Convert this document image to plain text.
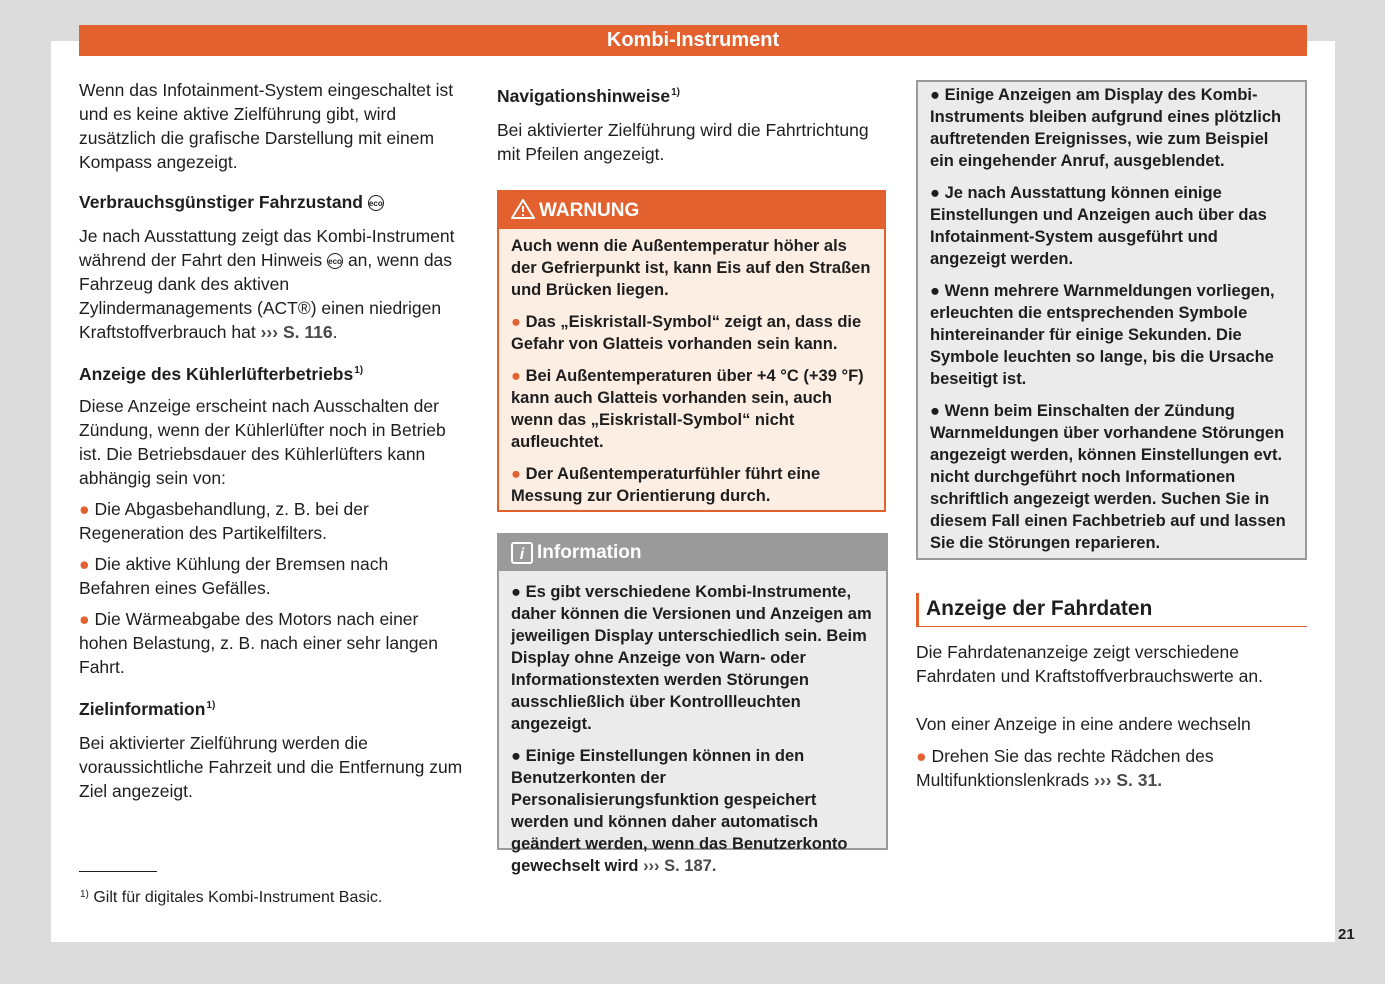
Kombi-Instrument

Wenn das Infotainment-System eingeschaltet ist und es keine aktive Zielführung gibt, wird zusätzlich die grafische Darstellung mit einem Kompass angezeigt.

Verbrauchsgünstiger Fahrzustand eco

Je nach Ausstattung zeigt das Kombi-Instrument während der Fahrt den Hinweis eco an, wenn das Fahrzeug dank des aktiven Zylindermanagements (ACT®) einen niedrigen Kraftstoffverbrauch hat ››› S. 116.

Anzeige des Kühlerlüfterbetriebs$^{1)}$

Diese Anzeige erscheint nach Ausschalten der Zündung, wenn der Kühlerlüfter noch in Betrieb ist. Die Betriebsdauer des Kühlerlüfters kann abhängig sein von:

● Die Abgasbehandlung, z. B. bei der Regeneration des Partikelfilters.

● Die aktive Kühlung der Bremsen nach Befahren eines Gefälles.

● Die Wärmeabgabe des Motors nach einer hohen Belastung, z. B. nach einer sehr langen Fahrt.

Zielinformation$^{1)}$

Bei aktivierter Zielführung werden die voraussichtliche Fahrzeit und die Entfernung zum Ziel angezeigt.

Navigationshinweise$^{1)}$

Bei aktivierter Zielführung wird die Fahrtrichtung mit Pfeilen angezeigt.

WARNUNG

Auch wenn die Außentemperatur höher als der Gefrierpunkt ist, kann Eis auf den Straßen und Brücken liegen.

● Das „Eiskristall-Symbol“ zeigt an, dass die Gefahr von Glatteis vorhanden sein kann.

● Bei Außentemperaturen über +4 °C (+39 °F) kann auch Glatteis vorhanden sein, auch wenn das „Eiskristall-Symbol“ nicht aufleuchtet.

● Der Außentemperaturfühler führt eine Messung zur Orientierung durch.

i Information

● Es gibt verschiedene Kombi-Instrumente, daher können die Versionen und Anzeigen am jeweiligen Display unterschiedlich sein. Beim Display ohne Anzeige von Warn- oder Informationstexten werden Störungen ausschließlich über Kontrollleuchten angezeigt.

● Einige Einstellungen können in den Benutzerkonten der Personalisierungsfunktion gespeichert werden und können daher automatisch geändert werden, wenn das Benutzerkonto gewechselt wird ››› S. 187.

● Einige Anzeigen am Display des Kombi-Instruments bleiben aufgrund eines plötzlich auftretenden Ereignisses, wie zum Beispiel ein eingehender Anruf, ausgeblendet.

● Je nach Ausstattung können einige Einstellungen und Anzeigen auch über das Infotainment-System ausgeführt und angezeigt werden.

● Wenn mehrere Warnmeldungen vorliegen, erleuchten die entsprechenden Symbole hintereinander für einige Sekunden. Die Symbole leuchten so lange, bis die Ursache beseitigt ist.

● Wenn beim Einschalten der Zündung Warnmeldungen über vorhandene Störungen angezeigt werden, können Einstellungen evt. nicht durchgeführt noch Informationen schriftlich angezeigt werden. Suchen Sie in diesem Fall einen Fachbetrieb auf und lassen Sie die Störungen reparieren.

Anzeige der Fahrdaten

Die Fahrdatenanzeige zeigt verschiedene Fahrdaten und Kraftstoffverbrauchswerte an.

Von einer Anzeige in eine andere wechseln

● Drehen Sie das rechte Rädchen des Multifunktionslenkrads ››› S. 31.

$^{1)}$ Gilt für digitales Kombi-Instrument Basic.
21
